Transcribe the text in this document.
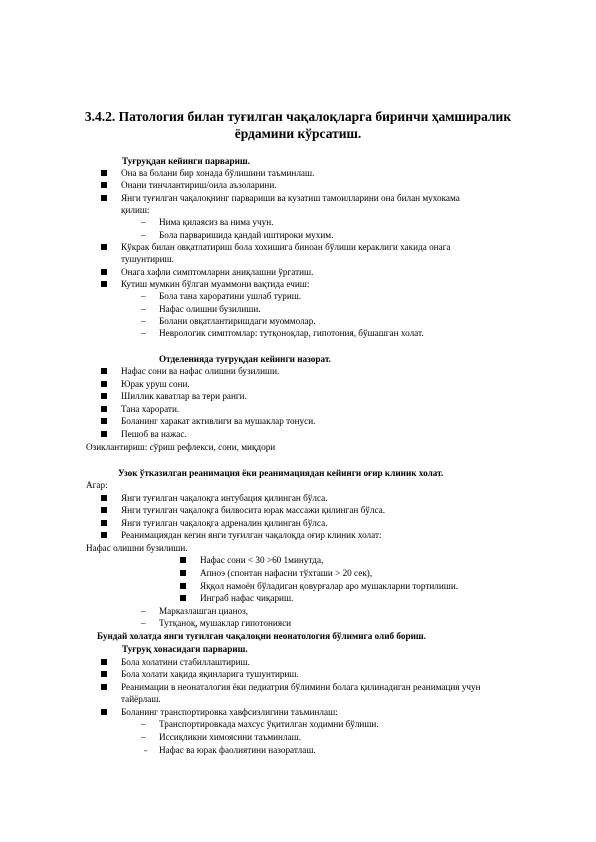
3.4.2. Патология билан туғилган чақалоқларга биринчи ҳамширалик
ёрдамини кўрсатиш.
Туғруқдан кейинги парвариш.
Она ва болани бир хонада бўлишини таъминлаш.
Онани тинчлантириш/оила аъзоларини.
Янги туғилган чақалоқнинг парвариши ва кузатиш тамоилларини она билан мухокама
қилиш:
– Нима қилаясиз ва нима учун.
– Бола парваришида қандай иштироки мухим.
Кўкрак билан овқатлатириш бола хохишига биноан бўлиши кераклиги хакида онага
тушунтириш.
Онага хафли симптомларни аниқлашни ўргатиш.
Кутиш мумкин бўлган муаммони вақтида ечиш:
– Бола тана хароратини ушлаб туриш.
– Нафас олишни бузилиши.
– Болани овқатлантиришдаги муоммолар.
– Неврологик симптомлар: тутқоноқлар, гипотония, бўшашган холат.
Отделенияда туғруқдан кейинги назорат.
Нафас сони ва нафас олишни бузилиши.
Юрак уруш сони.
Шиллик каватлар ва тери ранги.
Тана харорати.
Боланинг харакат активлиги ва мушаклар тонуси.
Пешоб ва нажас.
Озиклантириш: сўриш рефлекси, сони, миқдори
Узок ўтказилган реанимация ёки реанимациядан кейинги оғир клиник холат.
Агар:
Янги туғилган чақалоқга интубация қилинган бўлса.
Янги туғилган чақалоқга билвосита юрак массажи қилинган бўлса.
Янги туғилган чақалоқга адреналин қилинган бўлса.
Реанимациядан кегин янги туғилган чақалоқда оғир клиник холат:
Нафас олишни бузилиши.
Нафас сони < 30 >60 1минутда,
Апноэ (спонтан нафасни тўхташи > 20 сек),
Яққол намоён бўладиган қовурғалар аро мушакларни тортилиши.
Инграб нафас чиқариш.
– Марказлашган цианоз,
– Тутқаноқ, мушаклар гипотонияси
Бундай холатда янги туғилган чақалоқни неонатология бўлимига олиб бориш.
Туғруқ хонасидаги парвариш.
Бола холатини стабиллаштириш.
Бола холати хақида яқинларига тушунтириш.
Реанимации в неонаталогия ёки педиатрия бўлимини болага қилинадиган реанимация учун
тайёрлаш.
Боланинг транспортировка хавфсизлигини таъминлаш:
– Транспортировкада махсус ўқитилган ходимни бўлиши.
– Иссиқликни химоясини таъминлаш.
- Нафас ва юрак фаолиятини назоратлаш.
